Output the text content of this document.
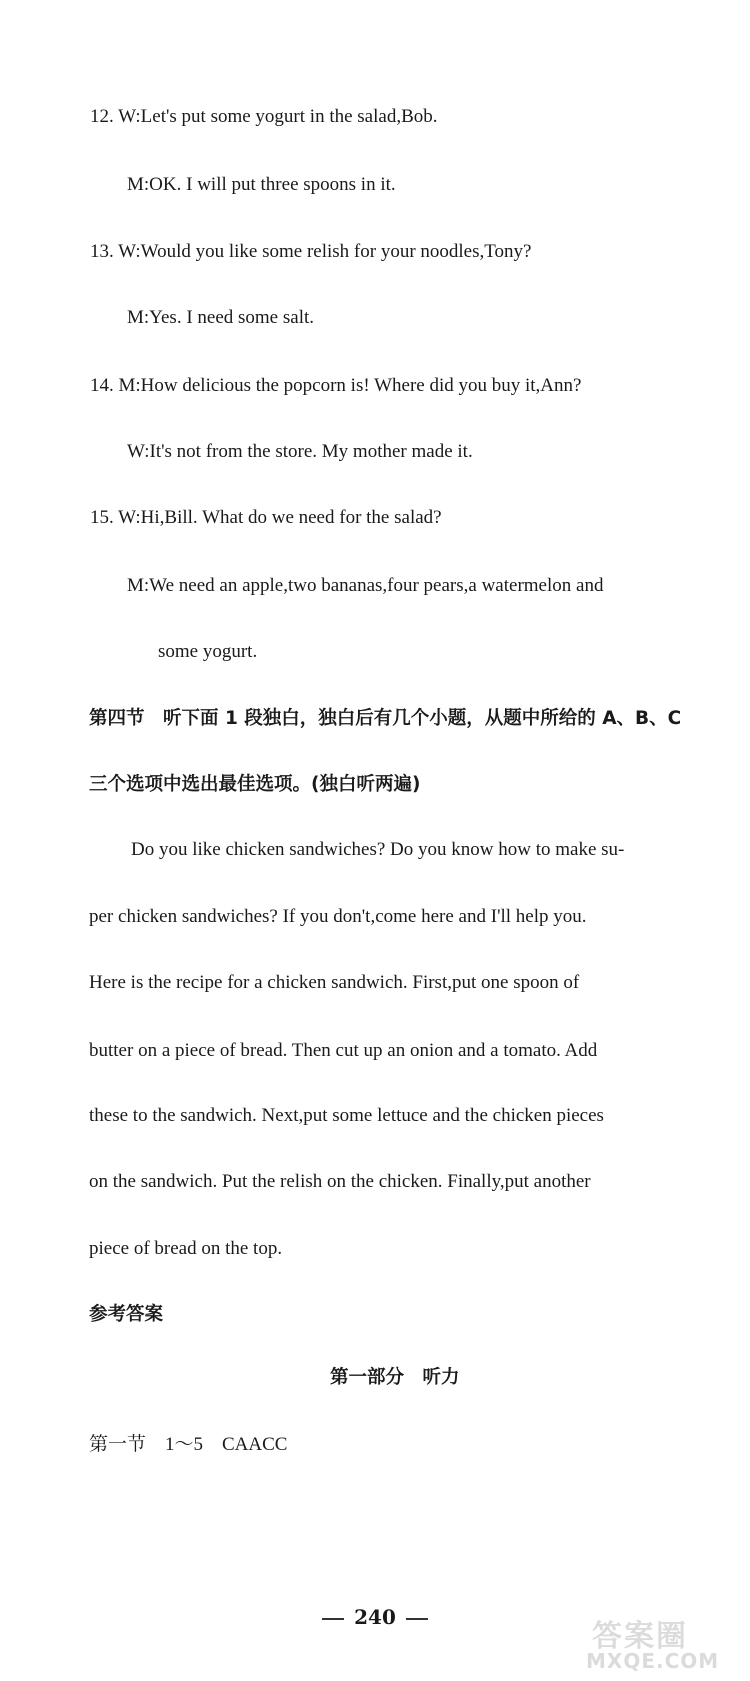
12. W:Let's put some yogurt in the salad,Bob.
M:OK. I will put three spoons in it.
13. W:Would you like some relish for your noodles,Tony?
M:Yes. I need some salt.
14. M:How delicious the popcorn is! Where did you buy it,Ann?
W:It's not from the store. My mother made it.
15. W:Hi,Bill. What do we need for the salad?
M:We need an apple,two bananas,four pears,a watermelon and
some yogurt.
第四节　听下面 1 段独白，独白后有几个小题，从题中所给的 A、B、C
三个选项中选出最佳选项。(独白听两遍)
Do you like chicken sandwiches? Do you know how to make su-
per chicken sandwiches? If you don't,come here and I'll help you.
Here is the recipe for a chicken sandwich. First,put one spoon of
butter on a piece of bread. Then cut up an onion and a tomato. Add
these to the sandwich. Next,put some lettuce and the chicken pieces
on the sandwich. Put the relish on the chicken. Finally,put another
piece of bread on the top.
参考答案
第一部分　听力
第一节　1～5　CAACC
240
答案圈
MXQE.COM
